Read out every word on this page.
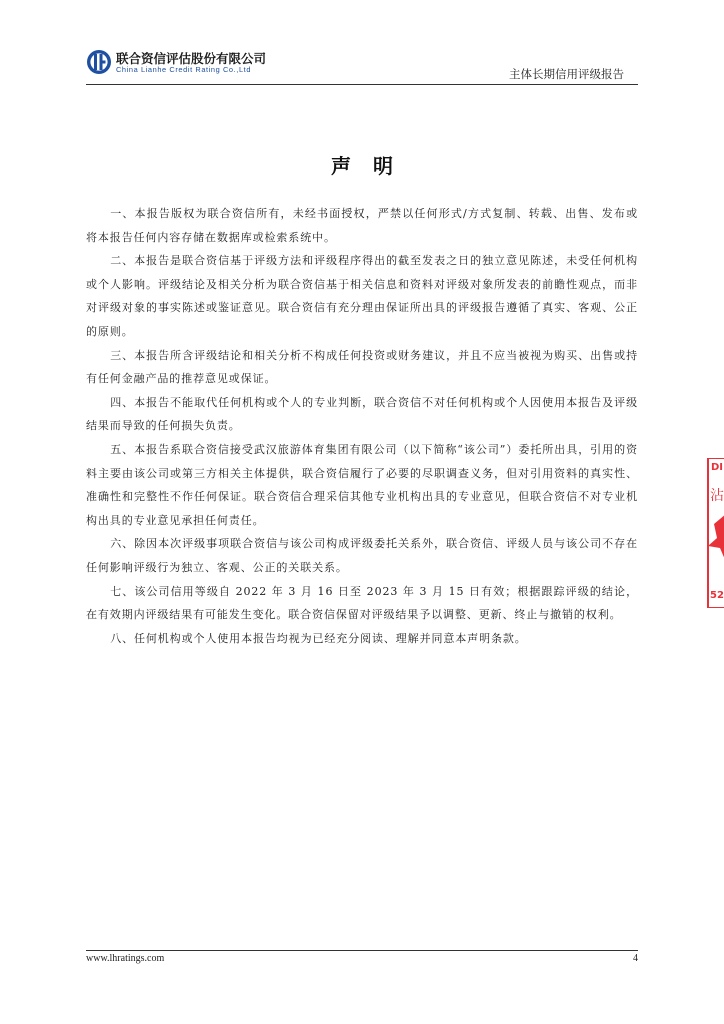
联合资信评估股份有限公司
China Lianhe Credit Rating Co.,Ltd	主体长期信用评级报告
声明

一、本报告版权为联合资信所有，未经书面授权，严禁以任何形式/方式复制、转载、出售、发布或将本报告任何内容存储在数据库或检索系统中。

二、本报告是联合资信基于评级方法和评级程序得出的截至发表之日的独立意见陈述，未受任何机构或个人影响。评级结论及相关分析为联合资信基于相关信息和资料对评级对象所发表的前瞻性观点，而非对评级对象的事实陈述或鉴证意见。联合资信有充分理由保证所出具的评级报告遵循了真实、客观、公正的原则。

三、本报告所含评级结论和相关分析不构成任何投资或财务建议，并且不应当被视为购买、出售或持有任何金融产品的推荐意见或保证。

四、本报告不能取代任何机构或个人的专业判断，联合资信不对任何机构或个人因使用本报告及评级结果而导致的任何损失负责。

五、本报告系联合资信接受武汉旅游体育集团有限公司（以下简称“该公司”）委托所出具，引用的资料主要由该公司或第三方相关主体提供，联合资信履行了必要的尽职调查义务，但对引用资料的真实性、准确性和完整性不作任何保证。联合资信合理采信其他专业机构出具的专业意见，但联合资信不对专业机构出具的专业意见承担任何责任。

六、除因本次评级事项联合资信与该公司构成评级委托关系外，联合资信、评级人员与该公司不存在任何影响评级行为独立、客观、公正的关联关系。

七、该公司信用等级自 2022 年 3 月 16 日至 2023 年 3 月 15 日有效；根据跟踪评级的结论，在有效期内评级结果有可能发生变化。联合资信保留对评级结果予以调整、更新、终止与撤销的权利。

八、任何机构或个人使用本报告均视为已经充分阅读、理解并同意本声明条款。

DI
沾
52
www.lhratings.com	4
